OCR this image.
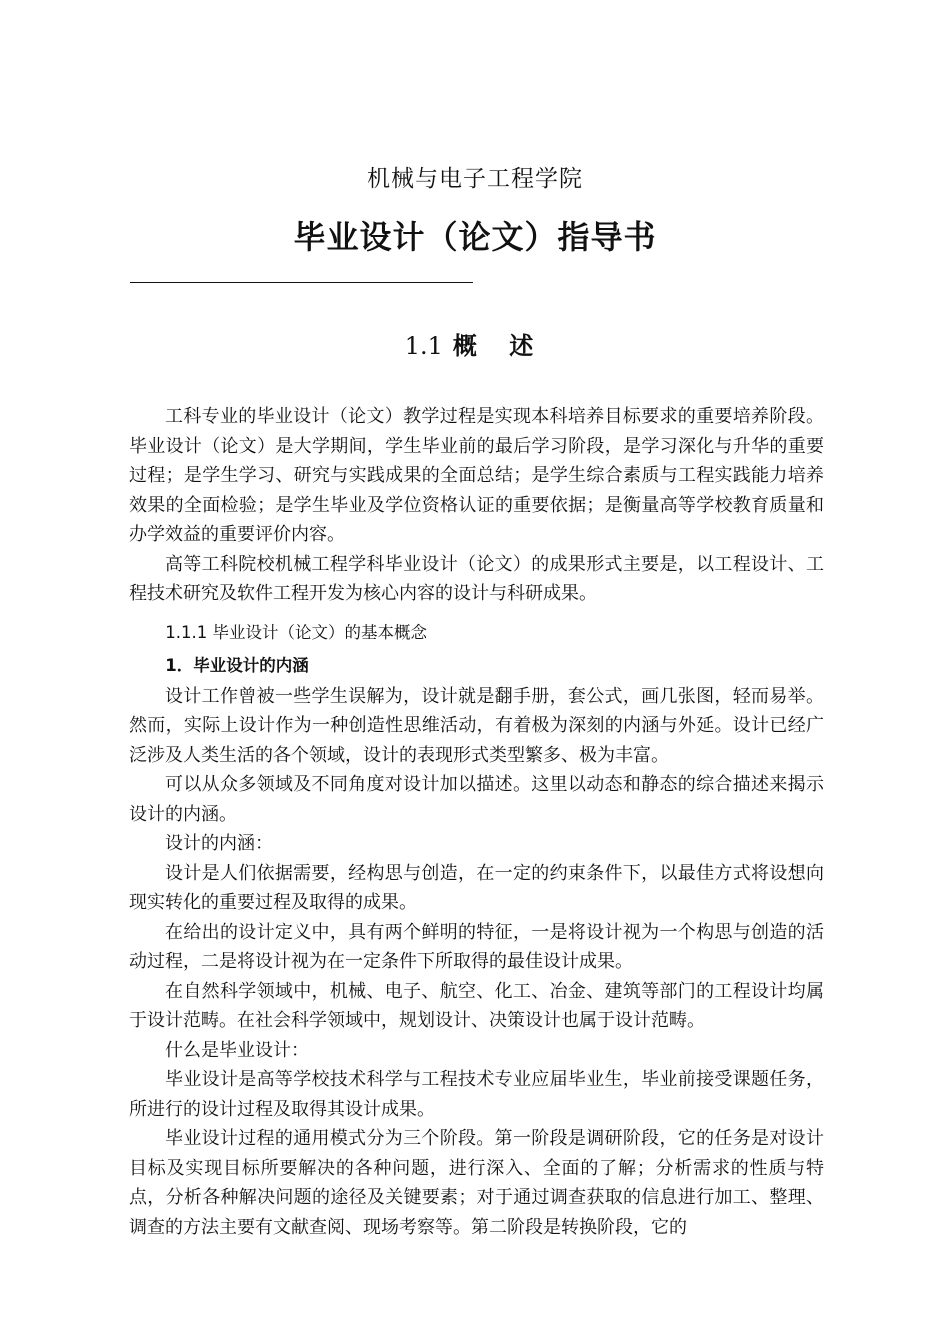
机械与电子工程学院
毕业设计（论文）指导书
1.1 概 述

工科专业的毕业设计（论文）教学过程是实现本科培养目标要求的重要培养阶段。毕业设计（论文）是大学期间，学生毕业前的最后学习阶段，是学习深化与升华的重要过程；是学生学习、研究与实践成果的全面总结；是学生综合素质与工程实践能力培养效果的全面检验；是学生毕业及学位资格认证的重要依据；是衡量高等学校教育质量和办学效益的重要评价内容。

高等工科院校机械工程学科毕业设计（论文）的成果形式主要是，以工程设计、工程技术研究及软件工程开发为核心内容的设计与科研成果。

1.1.1 毕业设计（论文）的基本概念
1．毕业设计的内涵

设计工作曾被一些学生误解为，设计就是翻手册，套公式，画几张图，轻而易举。然而，实际上设计作为一种创造性思维活动，有着极为深刻的内涵与外延。设计已经广泛涉及人类生活的各个领域，设计的表现形式类型繁多、极为丰富。

可以从众多领域及不同角度对设计加以描述。这里以动态和静态的综合描述来揭示设计的内涵。

设计的内涵：

设计是人们依据需要，经构思与创造，在一定的约束条件下，以最佳方式将设想向现实转化的重要过程及取得的成果。

在给出的设计定义中，具有两个鲜明的特征，一是将设计视为一个构思与创造的活动过程，二是将设计视为在一定条件下所取得的最佳设计成果。

在自然科学领域中，机械、电子、航空、化工、冶金、建筑等部门的工程设计均属于设计范畴。在社会科学领域中，规划设计、决策设计也属于设计范畴。

什么是毕业设计：

毕业设计是高等学校技术科学与工程技术专业应届毕业生，毕业前接受课题任务，所进行的设计过程及取得其设计成果。

毕业设计过程的通用模式分为三个阶段。第一阶段是调研阶段，它的任务是对设计目标及实现目标所要解决的各种问题，进行深入、全面的了解；分析需求的性质与特点，分析各种解决问题的途径及关键要素；对于通过调查获取的信息进行加工、整理、调查的方法主要有文献查阅、现场考察等。第二阶段是转换阶段，它的
